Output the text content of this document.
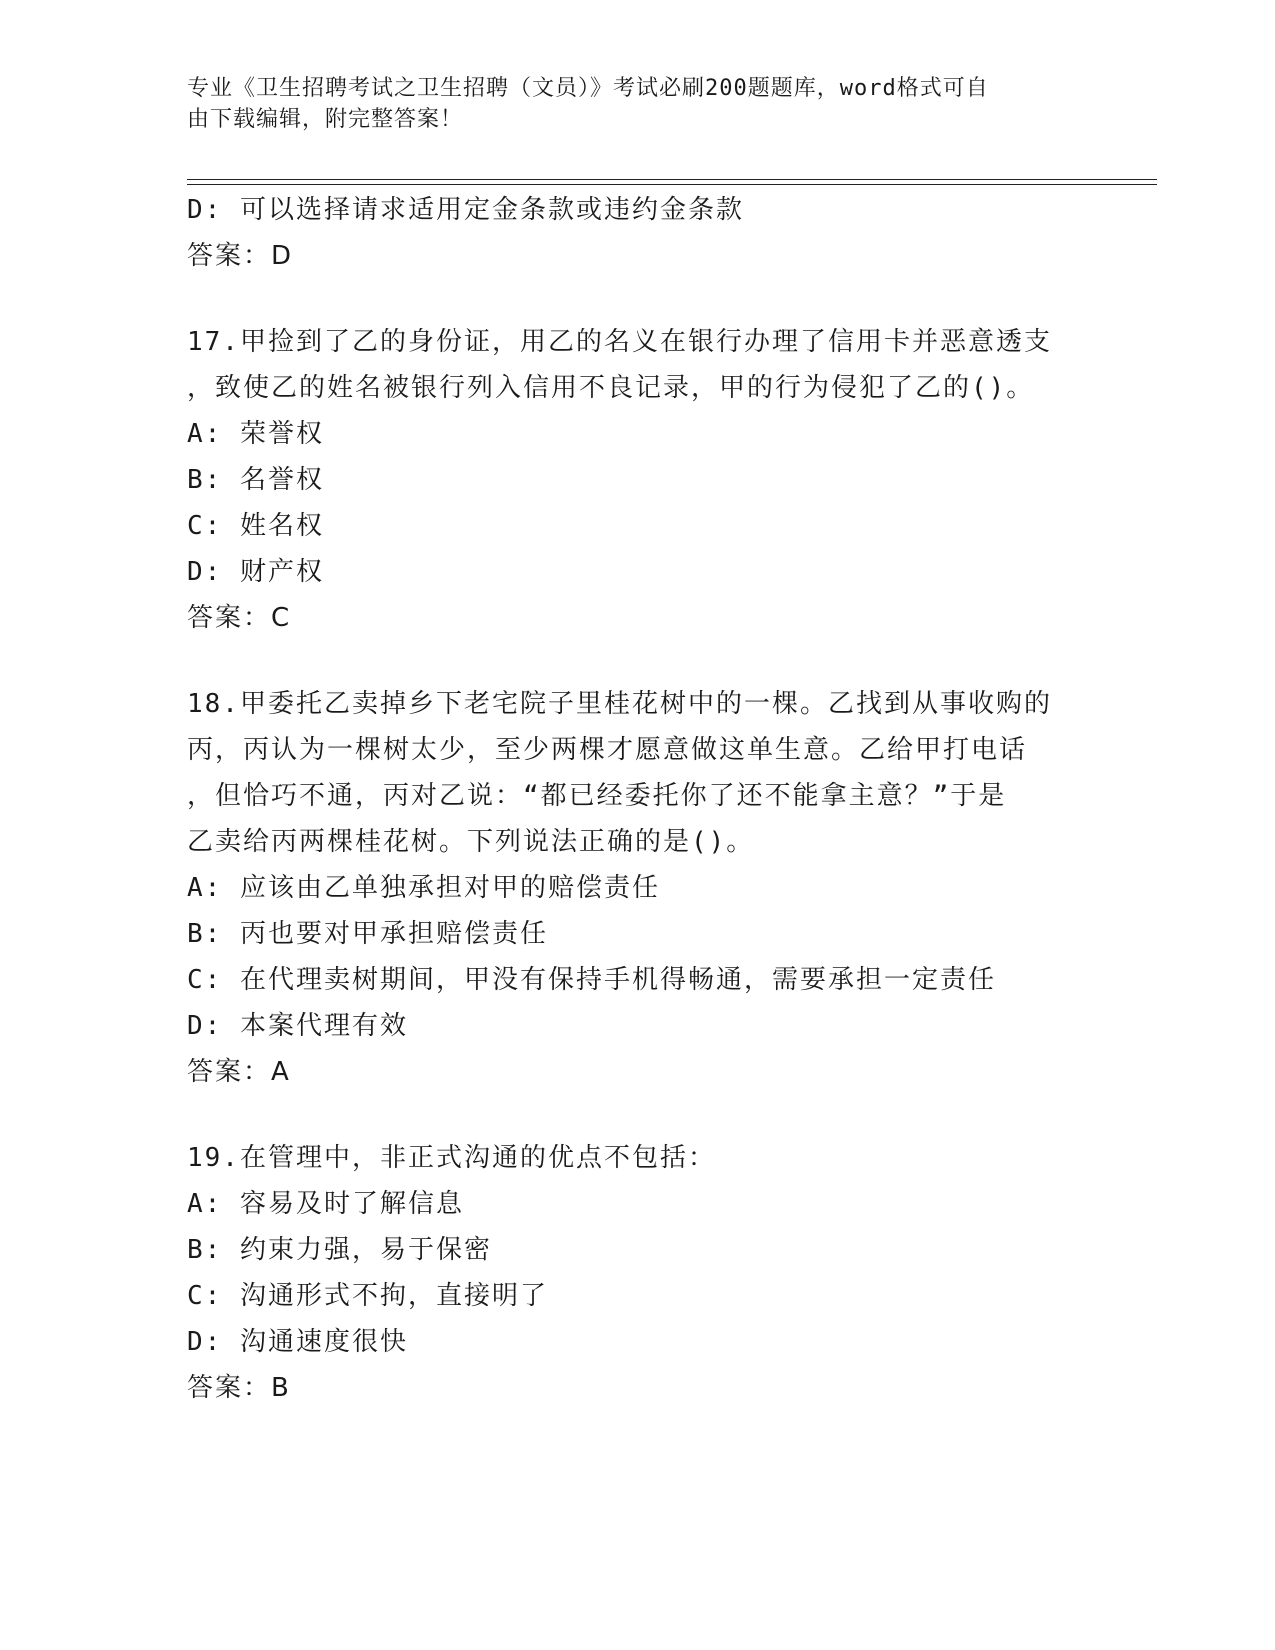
专业《卫生招聘考试之卫生招聘（文员）》考试必刷200题题库，word格式可自
由下载编辑，附完整答案！
D: 可以选择请求适用定金条款或违约金条款
答案：D
17.甲捡到了乙的身份证，用乙的名义在银行办理了信用卡并恶意透支
，致使乙的姓名被银行列入信用不良记录，甲的行为侵犯了乙的()。
A: 荣誉权
B: 名誉权
C: 姓名权
D: 财产权
答案：C
18.甲委托乙卖掉乡下老宅院子里桂花树中的一棵。乙找到从事收购的
丙，丙认为一棵树太少，至少两棵才愿意做这单生意。乙给甲打电话
，但恰巧不通，丙对乙说：“都已经委托你了还不能拿主意？”于是
乙卖给丙两棵桂花树。下列说法正确的是()。
A: 应该由乙单独承担对甲的赔偿责任
B: 丙也要对甲承担赔偿责任
C: 在代理卖树期间，甲没有保持手机得畅通，需要承担一定责任
D: 本案代理有效
答案：A
19.在管理中，非正式沟通的优点不包括：
A: 容易及时了解信息
B: 约束力强，易于保密
C: 沟通形式不拘，直接明了
D: 沟通速度很快
答案：B
